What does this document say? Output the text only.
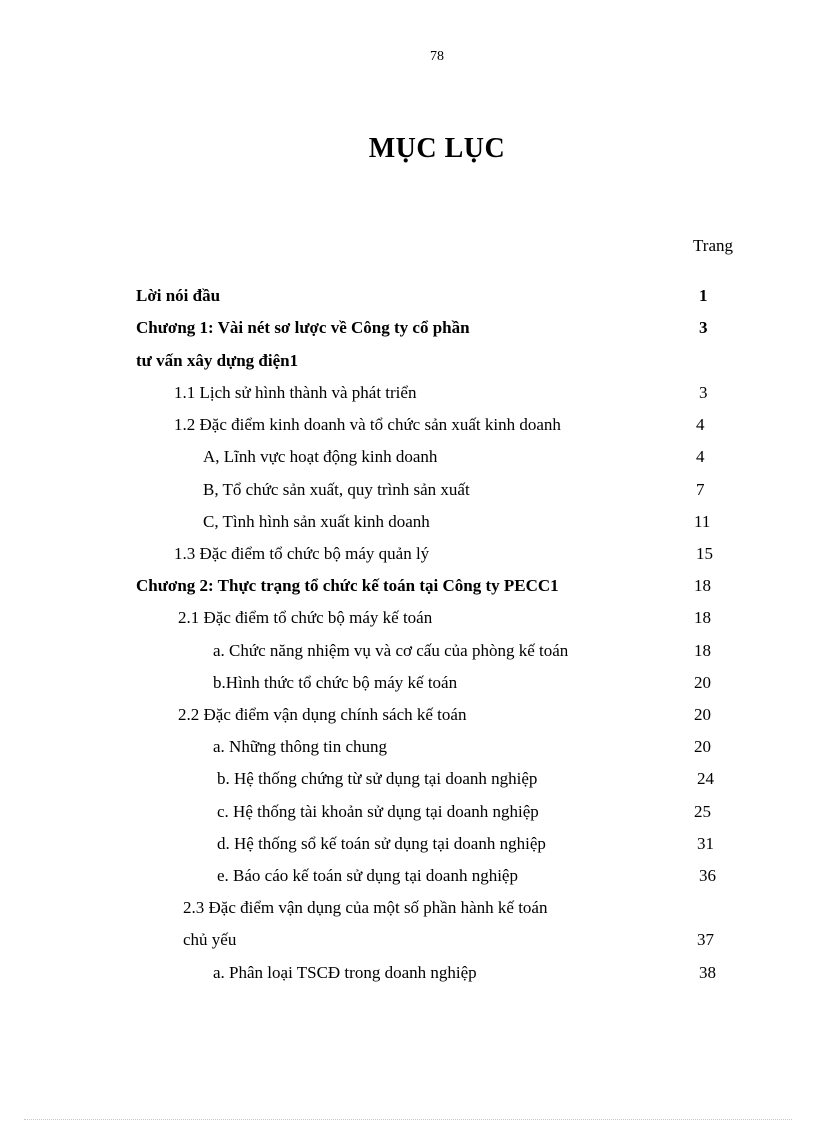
78
MỤC LỤC
Trang
Lời nói đầu	1
Chương 1: Vài nét sơ lược về Công ty cổ phần	3
tư vấn xây dựng điện1
1.1 Lịch sử hình thành và phát triển	3
1.2 Đặc điểm kinh doanh và tổ chức sản xuất kinh doanh	4
A, Lĩnh vực hoạt động kinh doanh	4
B, Tổ chức sản xuất, quy trình sản xuất	7
C, Tình hình sản xuất kinh doanh	11
1.3 Đặc điểm tổ chức bộ máy quản lý	15
Chương 2: Thực trạng tổ chức kế toán tại Công ty PECC1	18
2.1 Đặc điểm tổ chức bộ máy kế toán	18
a. Chức năng nhiệm vụ và cơ cấu của phòng kế toán	18
b.Hình thức tổ chức bộ máy kế toán	20
2.2 Đặc điểm vận dụng chính sách kế toán	20
a. Những thông tin chung	20
b. Hệ thống chứng từ sử dụng tại doanh nghiệp	24
c. Hệ thống tài khoản sử dụng tại doanh nghiệp	25
d. Hệ thống sổ kế toán sử dụng tại doanh nghiệp	31
e. Báo cáo kế toán sử dụng tại doanh nghiệp	36
2.3 Đặc điểm vận dụng của một số phần hành kế toán
chủ yếu	37
a. Phân loại TSCĐ trong doanh nghiệp	38
